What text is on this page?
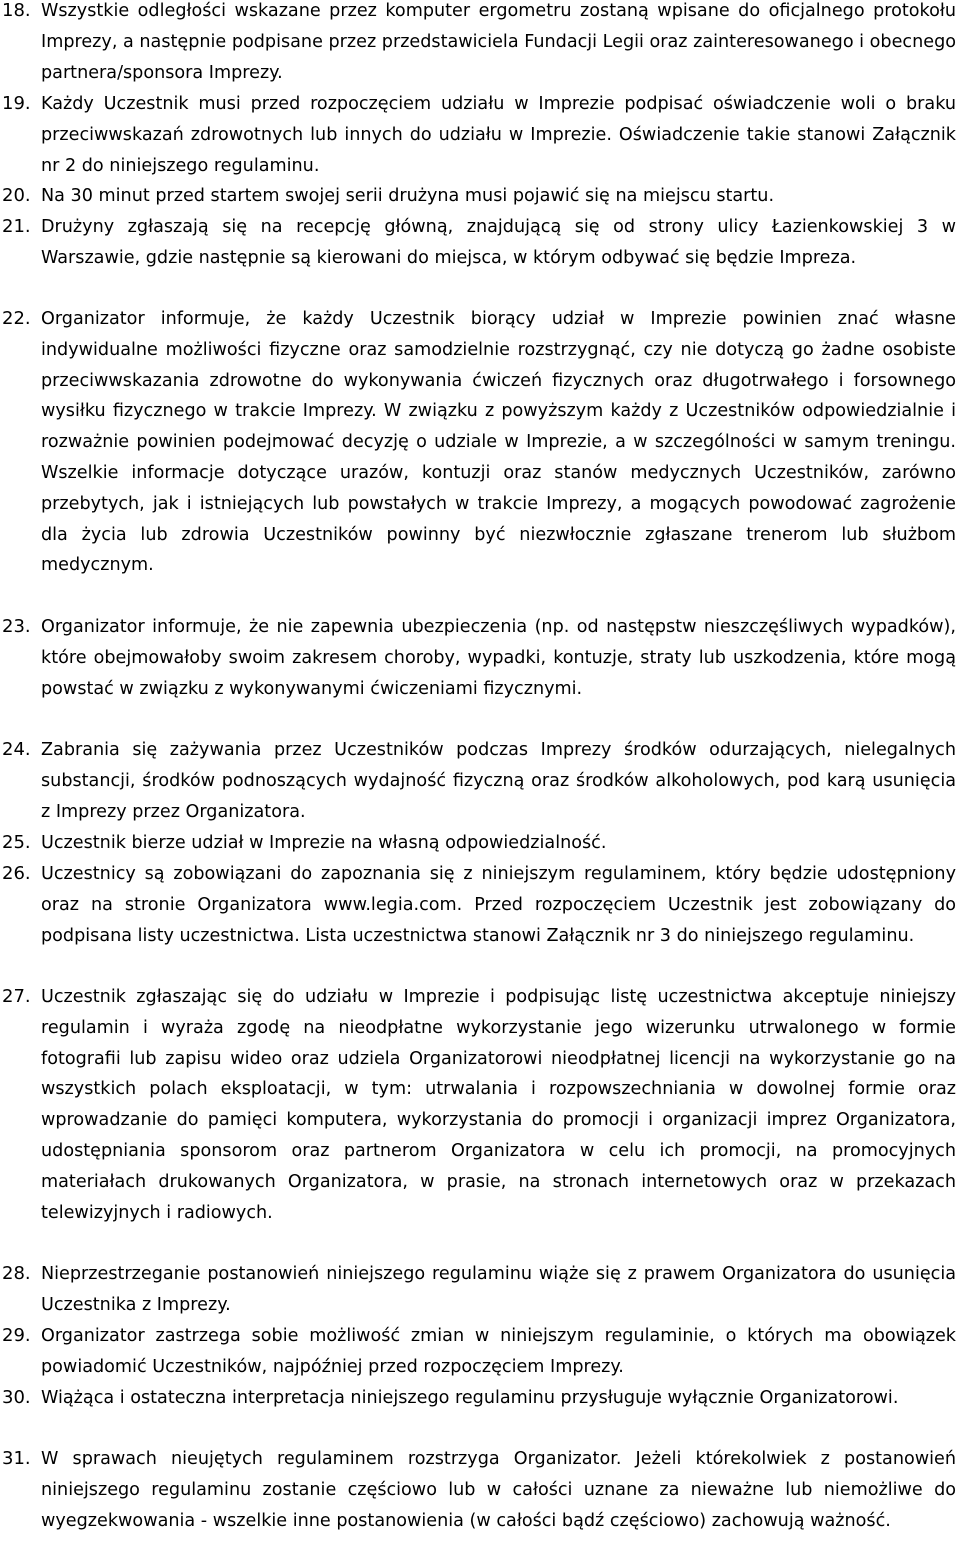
18. Wszystkie odległości wskazane przez komputer ergometru zostaną wpisane do oficjalnego protokołu Imprezy, a następnie podpisane przez przedstawiciela Fundacji Legii oraz zainteresowanego i obecnego partnera/sponsora Imprezy.
19. Każdy Uczestnik musi przed rozpoczęciem udziału w Imprezie podpisać oświadczenie woli o braku przeciwwskazań zdrowotnych lub innych do udziału w Imprezie. Oświadczenie takie stanowi Załącznik nr 2 do niniejszego regulaminu.
20. Na 30 minut przed startem swojej serii drużyna musi pojawić się na miejscu startu.
21. Drużyny zgłaszają się na recepcję główną, znajdującą się od strony ulicy Łazienkowskiej 3 w Warszawie, gdzie następnie są kierowani do miejsca, w którym odbywać się będzie Impreza.
22. Organizator informuje, że każdy Uczestnik biorący udział w Imprezie powinien znać własne indywidualne możliwości fizyczne oraz samodzielnie rozstrzygnąć, czy nie dotyczą go żadne osobiste przeciwwskazania zdrowotne do wykonywania ćwiczeń fizycznych oraz długotrwałego i forsownego wysiłku fizycznego w trakcie Imprezy. W związku z powyższym każdy z Uczestników odpowiedzialnie i rozważnie powinien podejmować decyzję o udziale w Imprezie, a w szczególności w samym treningu. Wszelkie informacje dotyczące urazów, kontuzji oraz stanów medycznych Uczestników, zarówno przebytych, jak i istniejących lub powstałych w trakcie Imprezy, a mogących powodować zagrożenie dla życia lub zdrowia Uczestników powinny być niezwłocznie zgłaszane trenerom lub służbom medycznym.
23. Organizator informuje, że nie zapewnia ubezpieczenia (np. od następstw nieszczęśliwych wypadków), które obejmowałoby swoim zakresem choroby, wypadki, kontuzje, straty lub uszkodzenia, które mogą powstać w związku z wykonywanymi ćwiczeniami fizycznymi.
24. Zabrania się zażywania przez Uczestników podczas Imprezy środków odurzających, nielegalnych substancji, środków podnoszących wydajność fizyczną oraz środków alkoholowych, pod karą usunięcia z Imprezy przez Organizatora.
25. Uczestnik bierze udział w Imprezie na własną odpowiedzialność.
26. Uczestnicy są zobowiązani do zapoznania się z niniejszym regulaminem, który będzie udostępniony oraz na stronie Organizatora www.legia.com. Przed rozpoczęciem Uczestnik jest zobowiązany do podpisana listy uczestnictwa. Lista uczestnictwa stanowi Załącznik nr 3 do niniejszego regulaminu.
27. Uczestnik zgłaszając się do udziału w Imprezie i podpisując listę uczestnictwa akceptuje niniejszy regulamin i wyraża zgodę na nieodpłatne wykorzystanie jego wizerunku utrwalonego w formie fotografii lub zapisu wideo oraz udziela Organizatorowi nieodpłatnej licencji na wykorzystanie go na wszystkich polach eksploatacji, w tym: utrwalania i rozpowszechniania w dowolnej formie oraz wprowadzanie do pamięci komputera, wykorzystania do promocji i organizacji imprez Organizatora, udostępniania sponsorom oraz partnerom Organizatora w celu ich promocji, na promocyjnych materiałach drukowanych Organizatora, w prasie, na stronach internetowych oraz w przekazach telewizyjnych i radiowych.
28. Nieprzestrzeganie postanowień niniejszego regulaminu wiąże się z prawem Organizatora do usunięcia Uczestnika z Imprezy.
29. Organizator zastrzega sobie możliwość zmian w niniejszym regulaminie, o których ma obowiązek powiadomić Uczestników, najpóźniej przed rozpoczęciem Imprezy.
30. Wiążąca i ostateczna interpretacja niniejszego regulaminu przysługuje wyłącznie Organizatorowi.
31. W sprawach nieujętych regulaminem rozstrzyga Organizator. Jeżeli którekolwiek z postanowień niniejszego regulaminu zostanie częściowo lub w całości uznane za nieważne lub niemożliwe do wyegzekwowania - wszelkie inne postanowienia (w całości bądź częściowo) zachowują ważność.
